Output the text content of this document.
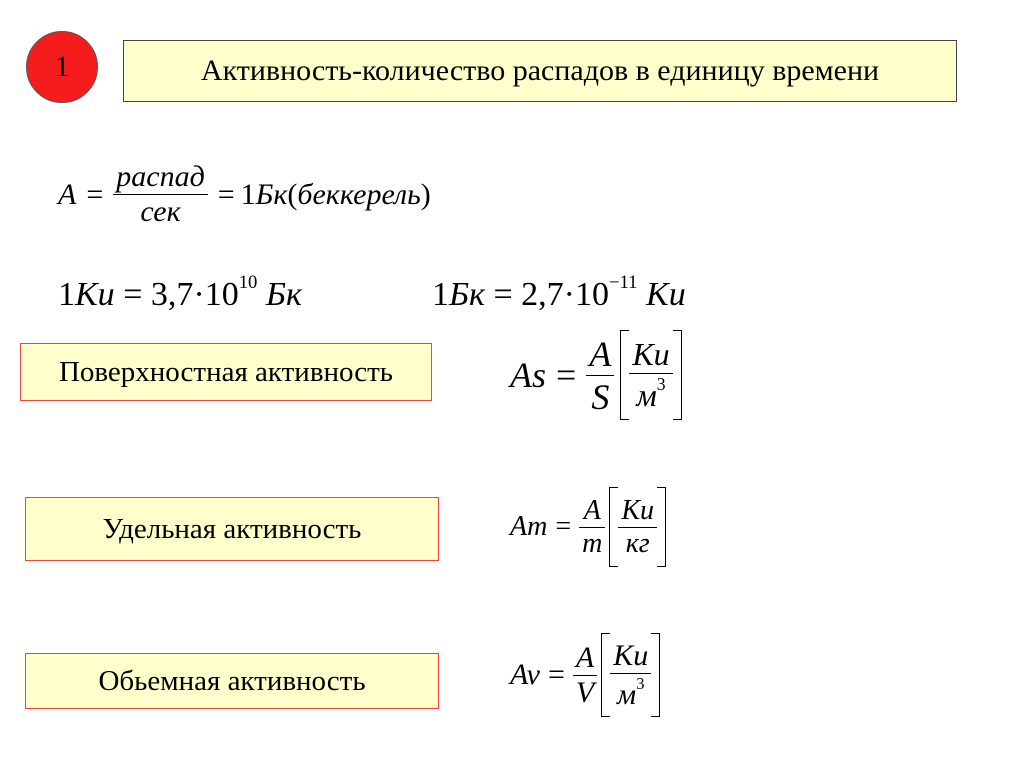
1	Активность-количество распадов в единицу времени
$A = \frac{\text{распад}}{\text{сек}} = 1$ Бк ( беккерель )
$1Ku = 3,7\cdot 10^{10}$ Бк	$1Бк = 2,7\cdot 10^{-11}$ Ku
Поверхностная активность	$As = \frac{A}{S} \frac{Ku}{м^3}$
Удельная активность	$Am = \frac{A}{m} \frac{Ku}{кг}$
Обьемная активность	$Av = \frac{A}{V} \frac{Ku}{м^3}$
